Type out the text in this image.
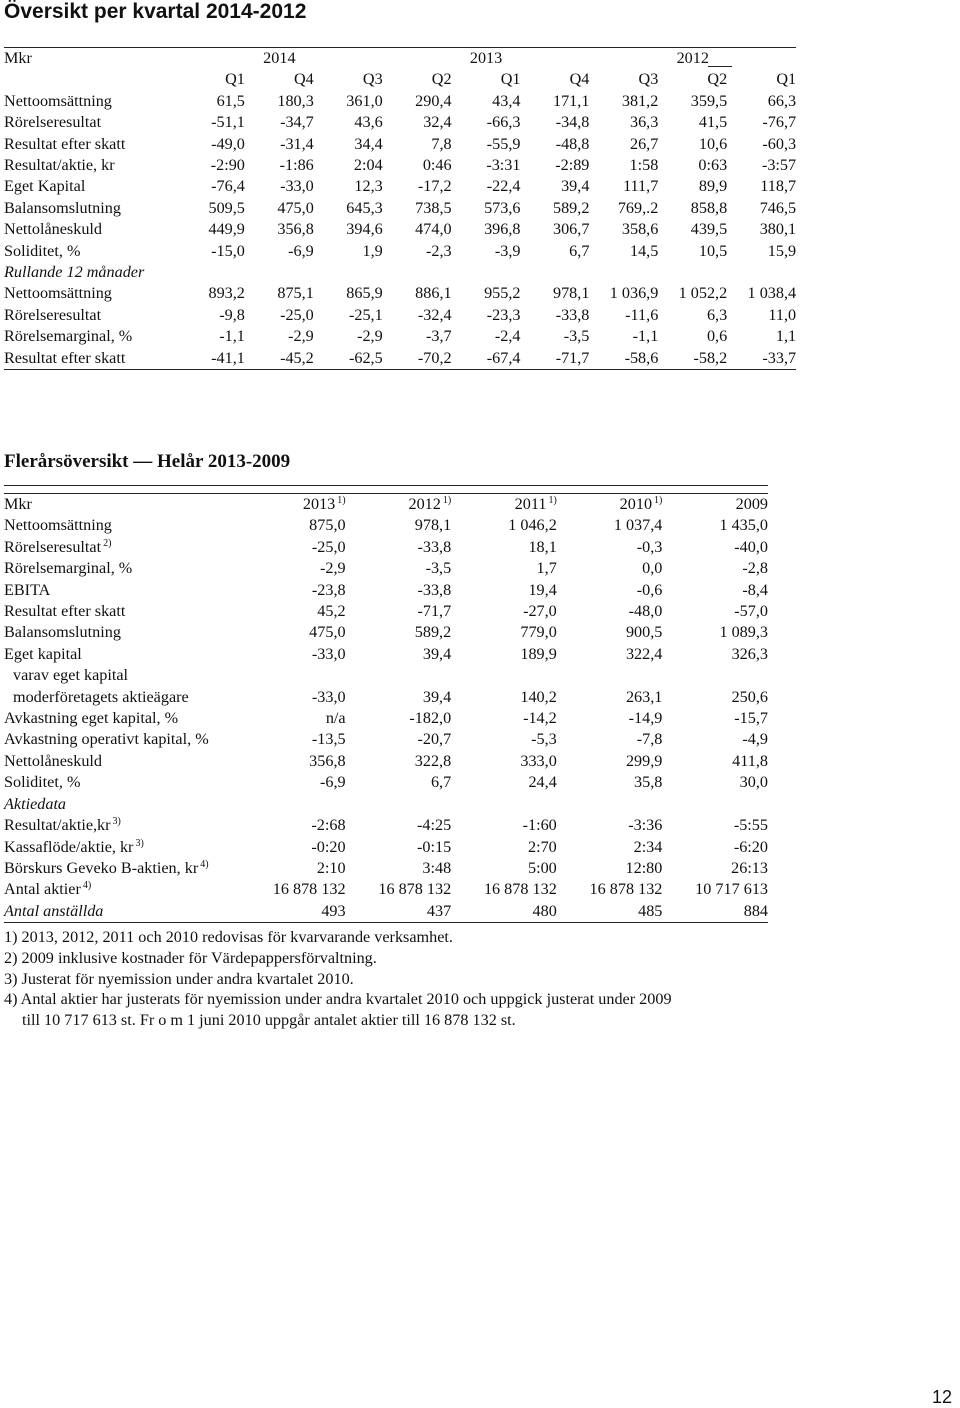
Översikt per kvartal 2014-2012
Mkr	2014			2013			2012		
	Q1	Q4	Q3	Q2	Q1	Q4	Q3	Q2	Q1
Nettoomsättning	61,5	180,3	361,0	290,4	43,4	171,1	381,2	359,5	66,3
Rörelseresultat	-51,1	-34,7	43,6	32,4	-66,3	-34,8	36,3	41,5	-76,7
Resultat efter skatt	-49,0	-31,4	34,4	7,8	-55,9	-48,8	26,7	10,6	-60,3
Resultat/aktie, kr	-2:90	-1:86	2:04	0:46	-3:31	-2:89	1:58	0:63	-3:57
Eget Kapital	-76,4	-33,0	12,3	-17,2	-22,4	39,4	111,7	89,9	118,7
Balansomslutning	509,5	475,0	645,3	738,5	573,6	589,2	769,.2	858,8	746,5
Nettolåneskuld	449,9	356,8	394,6	474,0	396,8	306,7	358,6	439,5	380,1
Soliditet, %	-15,0	-6,9	1,9	-2,3	-3,9	6,7	14,5	10,5	15,9
Rullande 12 månader									
Nettoomsättning	893,2	875,1	865,9	886,1	955,2	978,1	1 036,9	1 052,2	1 038,4
Rörelseresultat	-9,8	-25,0	-25,1	-32,4	-23,3	-33,8	-11,6	6,3	11,0
Rörelsemarginal, %	-1,1	-2,9	-2,9	-3,7	-2,4	-3,5	-1,1	0,6	1,1
Resultat efter skatt	-41,1	-45,2	-62,5	-70,2	-67,4	-71,7	-58,6	-58,2	-33,7
Flerårsöversikt — Helår 2013-2009
Mkr	2013 $^{1)}$	2012 $^{1)}$	2011 $^{1)}$	2010 $^{1)}$	2009
Nettoomsättning	875,0	978,1	1 046,2	1 037,4	1 435,0
Rörelseresultat $^{2)}$	-25,0	-33,8	18,1	-0,3	-40,0
Rörelsemarginal, %	-2,9	-3,5	1,7	0,0	-2,8
EBITA	-23,8	-33,8	19,4	-0,6	-8,4
Resultat efter skatt	45,2	-71,7	-27,0	-48,0	-57,0
Balansomslutning	475,0	589,2	779,0	900,5	1 089,3
Eget kapital	-33,0	39,4	189,9	322,4	326,3
varav eget kapital					
moderföretagets aktieägare	-33,0	39,4	140,2	263,1	250,6
Avkastning eget kapital, %	n/a	-182,0	-14,2	-14,9	-15,7
Avkastning operativt kapital, %	-13,5	-20,7	-5,3	-7,8	-4,9
Nettolåneskuld	356,8	322,8	333,0	299,9	411,8
Soliditet, %	-6,9	6,7	24,4	35,8	30,0
Aktiedata					
Resultat/aktie,kr $^{3)}$	-2:68	-4:25	-1:60	-3:36	-5:55
Kassaflöde/aktie, kr $^{3)}$	-0:20	-0:15	2:70	2:34	-6:20
Börskurs Geveko B-aktien, kr $^{4)}$	2:10	3:48	5:00	12:80	26:13
Antal aktier $^{4)}$	16 878 132	16 878 132	16 878 132	16 878 132	10 717 613
Antal anställda	493	437	480	485	884
1) 2013, 2012, 2011 och 2010 redovisas för kvarvarande verksamhet.
2) 2009 inklusive kostnader för Värdepappersförvaltning.
3) Justerat för nyemission under andra kvartalet 2010.
4) Antal aktier har justerats för nyemission under andra kvartalet 2010 och uppgick justerat under 2009
till 10 717 613 st. Fr o m 1 juni 2010 uppgår antalet aktier till 16 878 132 st.
12
